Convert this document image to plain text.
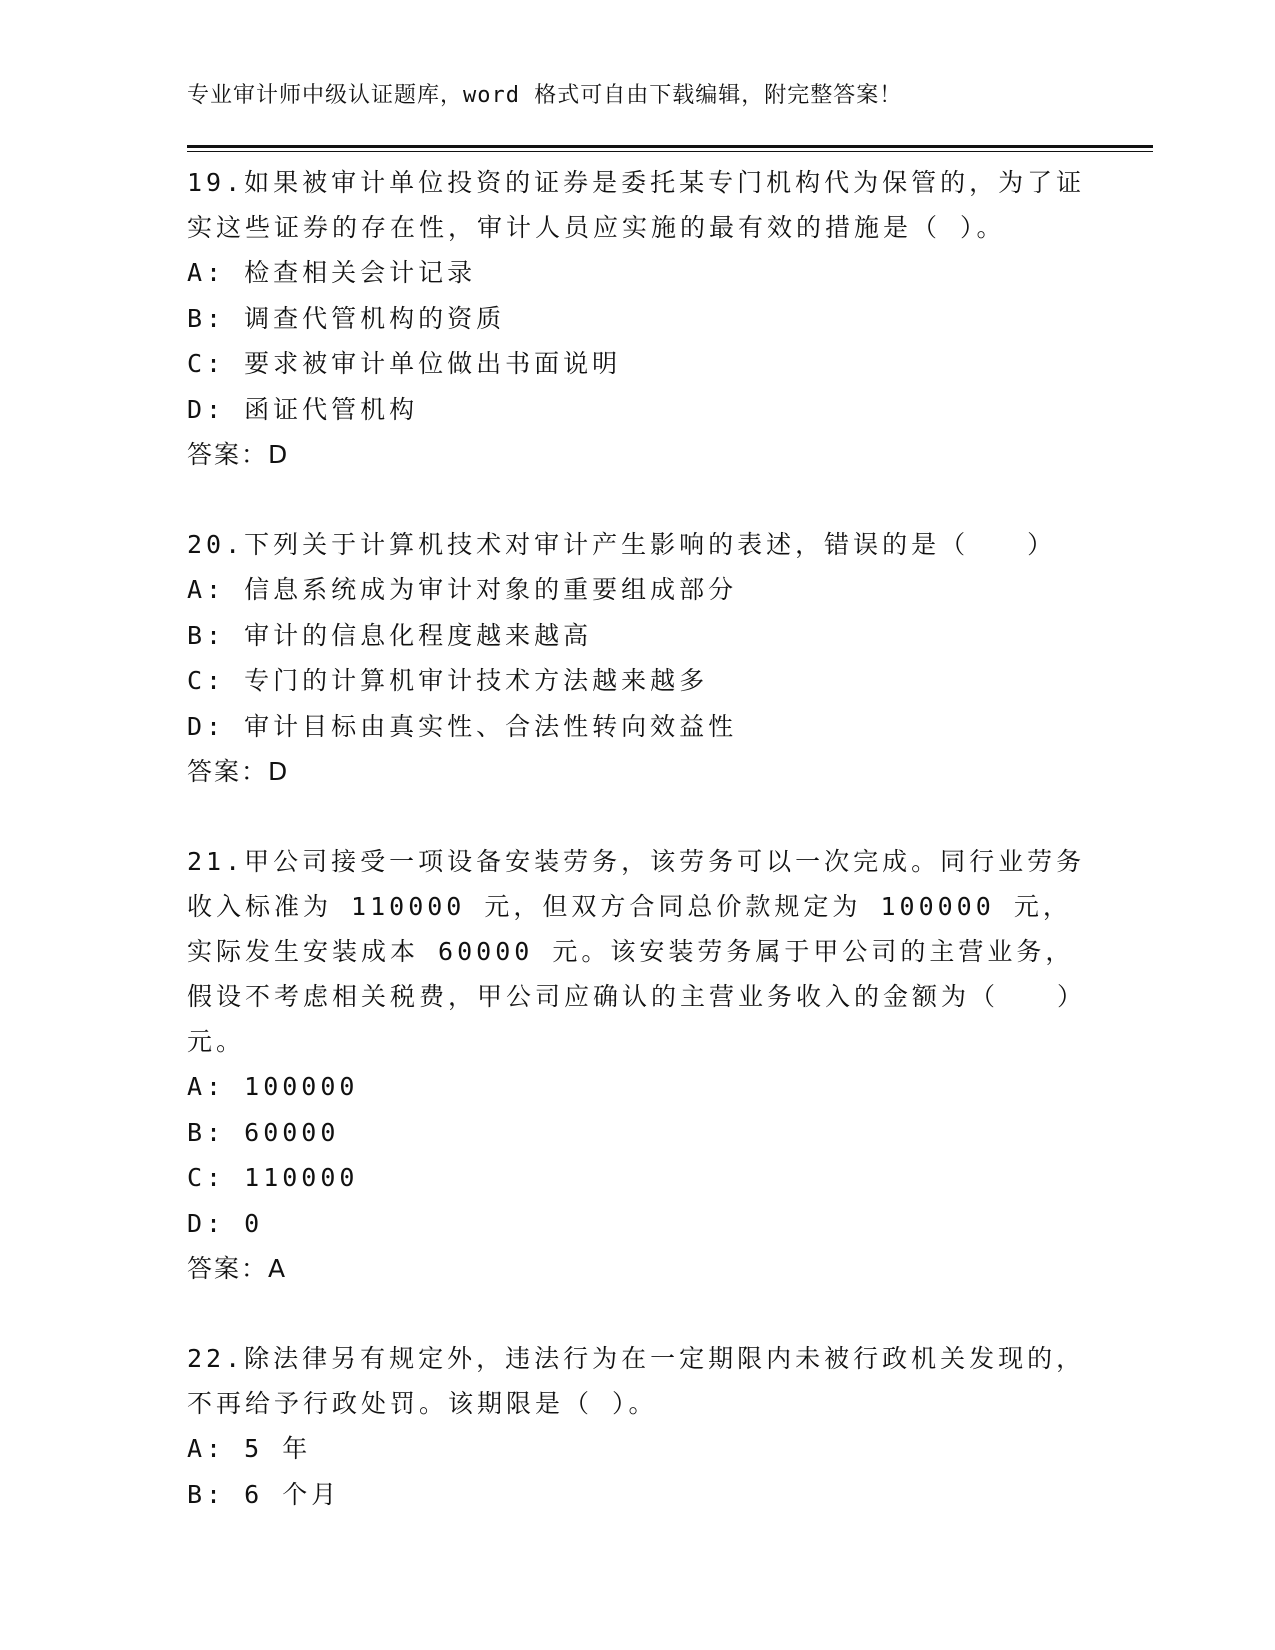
专业审计师中级认证题库，word 格式可自由下载编辑，附完整答案！

19.如果被审计单位投资的证券是委托某专门机构代为保管的，为了证实这些证券的存在性，审计人员应实施的最有效的措施是（ ）。

A: 检查相关会计记录

B: 调查代管机构的资质

C: 要求被审计单位做出书面说明

D: 函证代管机构

答案：D

20.下列关于计算机技术对审计产生影响的表述，错误的是（　　）

A: 信息系统成为审计对象的重要组成部分

B: 审计的信息化程度越来越高

C: 专门的计算机审计技术方法越来越多

D: 审计目标由真实性、合法性转向效益性

答案：D

21.甲公司接受一项设备安装劳务，该劳务可以一次完成。同行业劳务收入标准为 110000 元，但双方合同总价款规定为 100000 元，实际发生安装成本 60000 元。该安装劳务属于甲公司的主营业务，假设不考虑相关税费，甲公司应确认的主营业务收入的金额为（　　）元。

A: 100000

B: 60000

C: 110000

D: 0

答案：A

22.除法律另有规定外，违法行为在一定期限内未被行政机关发现的，不再给予行政处罚。该期限是（ ）。

A: 5 年

B: 6 个月
